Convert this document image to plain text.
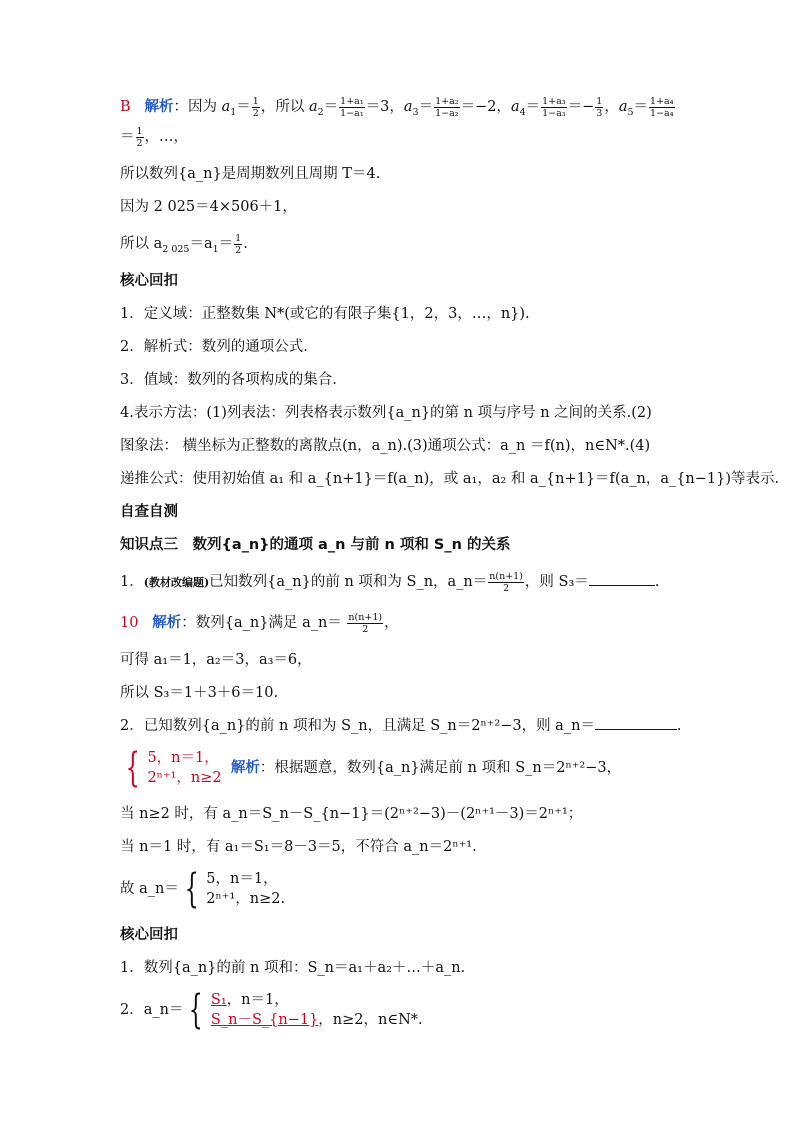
B 解析：因为 $a_1= \frac{1}{2}$ ，所以 $a_2= \frac{\text{1+a₁}}{\text{1−a₁}} =3$，$a_3= \frac{\text{1+a₂}}{\text{1−a₂}} =-2$，$a_4= \frac{\text{1+a₃}}{\text{1−a₃}} =- \frac{1}{3}$ ，$a_5= \frac{\text{1+a₄}}{\text{1−a₄}}$
＝ $\frac{1}{2}$ ，…，
所以数列{a_n}是周期数列且周期 T＝4.
因为 2 025＝4×506＋1，
所以 $a_{2 025}=a_1= \frac{1}{2}$ .
核心回扣
1．定义域：正整数集 N*(或它的有限子集{1，2，3，…，n}).
2．解析式：数列的通项公式.
3．值域：数列的各项构成的集合.
4.表示方法：(1)列表法：列表格表示数列{a_n}的第 n 项与序号 n 之间的关系.(2)
图象法： 横坐标为正整数的离散点(n，a_n).(3)通项公式：a_n ＝f(n)，n∈N*.(4)
递推公式：使用初始值 a₁ 和 a_{n+1}＝f(a_n)，或 a₁，a₂ 和 a_{n+1}＝f(a_n，a_{n−1})等表示.
自查自测
知识点三　数列{a_n}的通项 a_n 与前 n 项和 S_n 的关系
1．(教材改编题)已知数列{a_n}的前 n 项和为 S_n，a_n＝ $\frac{n(n+1)}{2}$ ，则 S₃＝	.
10 解析：数列{a_n}满足 a_n＝ $\frac{n(n+1)}{2}$ ，
可得 a₁＝1，a₂＝3，a₃＝6，
所以 S₃＝1＋3＋6＝10.
2．已知数列{a_n}的前 n 项和为 S_n，且满足 S_n＝2ⁿ⁺²−3，则 a_n＝	.
{ 5，n＝1，
2ⁿ⁺¹，n≥2
解析：根据题意，数列{a_n}满足前 n 项和 S_n＝2ⁿ⁺²−3，
当 n≥2 时，有 a_n＝S_n－S_{n−1}＝(2ⁿ⁺²−3)－(2ⁿ⁺¹－3)＝2ⁿ⁺¹；
当 n＝1 时，有 a₁＝S₁＝8－3＝5，不符合 a_n＝2ⁿ⁺¹.
故 a_n＝ { 5，n＝1，
2ⁿ⁺¹，n≥2.
核心回扣
1．数列{a_n}的前 n 项和：S_n＝a₁＋a₂＋…＋a_n.
2．a_n＝ { S₁，n＝1，
S_n－S_{n−1}，n≥2，n∈N*.
